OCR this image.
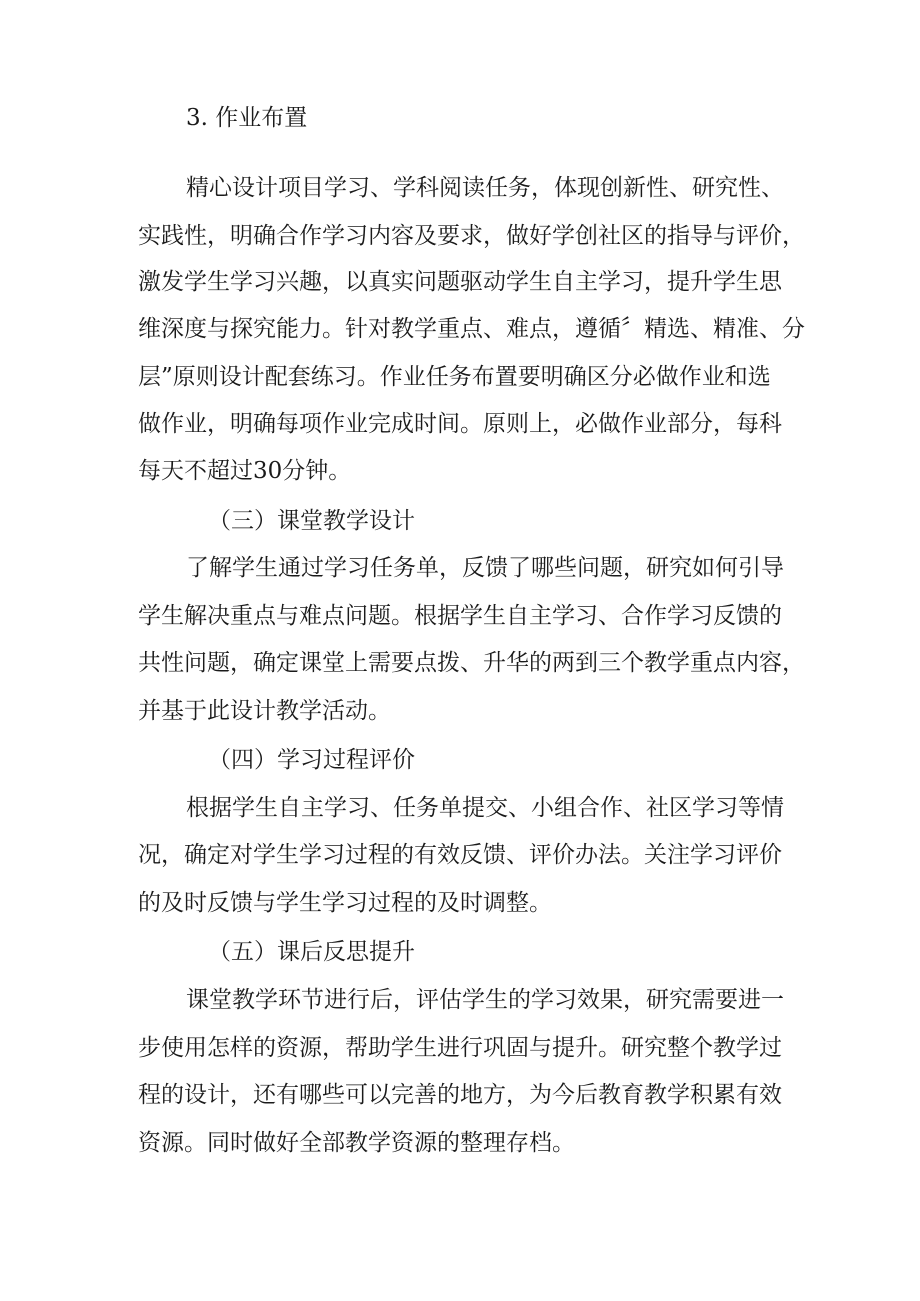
3. 作业布置
精心设计项目学习、学科阅读任务，体现创新性、研究性、
实践性，明确合作学习内容及要求，做好学创社区的指导与评价，
激发学生学习兴趣，以真实问题驱动学生自主学习，提升学生思
维深度与探究能力。针对教学重点、难点，遵循〞精选、精准、分
层”原则设计配套练习。作业任务布置要明确区分必做作业和选
做作业，明确每项作业完成时间。原则上，必做作业部分，每科
每天不超过30分钟。
（三）课堂教学设计
了解学生通过学习任务单，反馈了哪些问题，研究如何引导
学生解决重点与难点问题。根据学生自主学习、合作学习反馈的
共性问题，确定课堂上需要点拨、升华的两到三个教学重点内容，
并基于此设计教学活动。
（四）学习过程评价
根据学生自主学习、任务单提交、小组合作、社区学习等情
况，确定对学生学习过程的有效反馈、评价办法。关注学习评价
的及时反馈与学生学习过程的及时调整。
（五）课后反思提升
课堂教学环节进行后，评估学生的学习效果，研究需要进一
步使用怎样的资源，帮助学生进行巩固与提升。研究整个教学过
程的设计，还有哪些可以完善的地方，为今后教育教学积累有效
资源。同时做好全部教学资源的整理存档。
